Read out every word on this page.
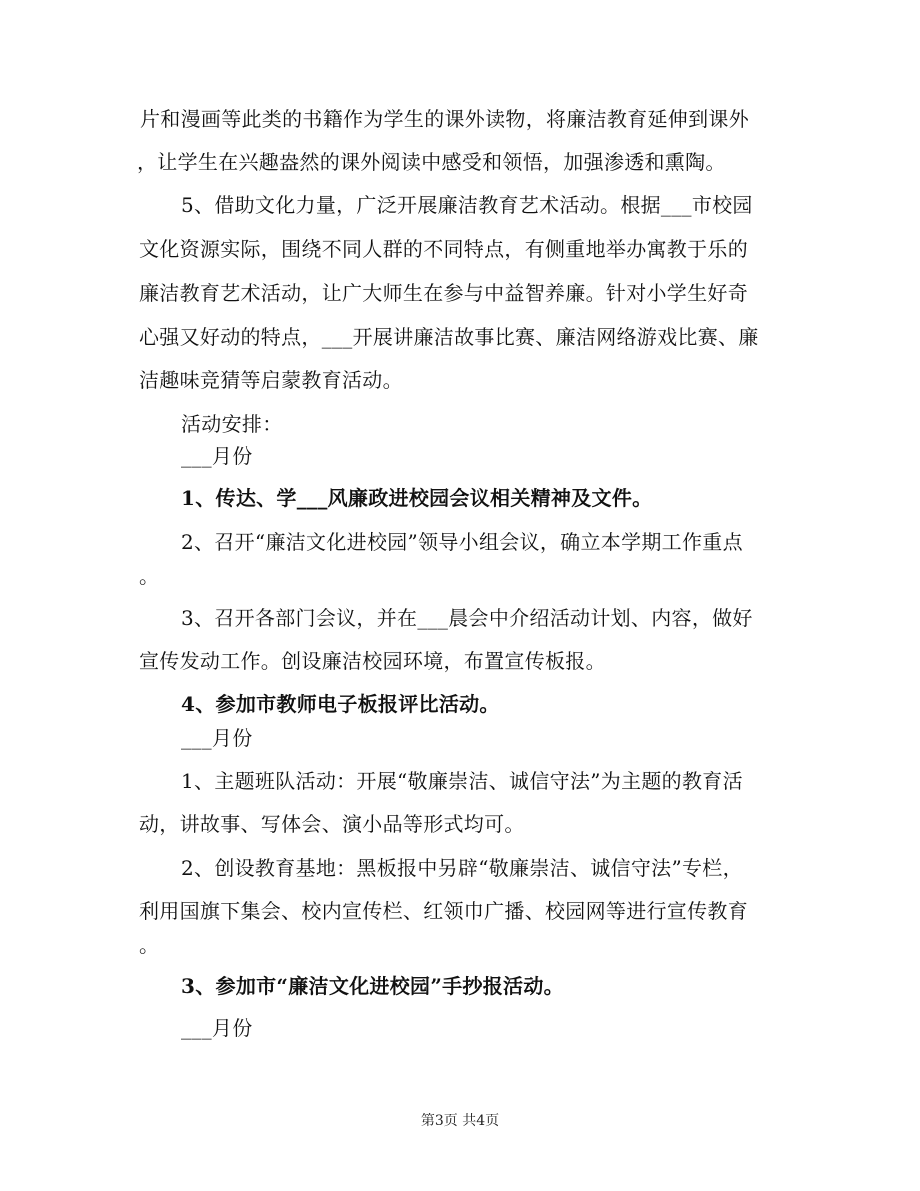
片和漫画等此类的书籍作为学生的课外读物，将廉洁教育延伸到课外
，让学生在兴趣盎然的课外阅读中感受和领悟，加强渗透和熏陶。
5、借助文化力量，广泛开展廉洁教育艺术活动。根据___市校园
文化资源实际，围绕不同人群的不同特点，有侧重地举办寓教于乐的
廉洁教育艺术活动，让广大师生在参与中益智养廉。针对小学生好奇
心强又好动的特点，___开展讲廉洁故事比赛、廉洁网络游戏比赛、廉
洁趣味竞猜等启蒙教育活动。
活动安排：
___月份
1、传达、学___风廉政进校园会议相关精神及文件。
2、召开“廉洁文化进校园”领导小组会议，确立本学期工作重点
。
3、召开各部门会议，并在___晨会中介绍活动计划、内容，做好
宣传发动工作。创设廉洁校园环境，布置宣传板报。
4、参加市教师电子板报评比活动。
___月份
1、主题班队活动：开展“敬廉崇洁、诚信守法”为主题的教育活
动，讲故事、写体会、演小品等形式均可。
2、创设教育基地：黑板报中另辟“敬廉崇洁、诚信守法”专栏，
利用国旗下集会、校内宣传栏、红领巾广播、校园网等进行宣传教育
。
3、参加市“廉洁文化进校园”手抄报活动。
___月份
第3页 共4页
